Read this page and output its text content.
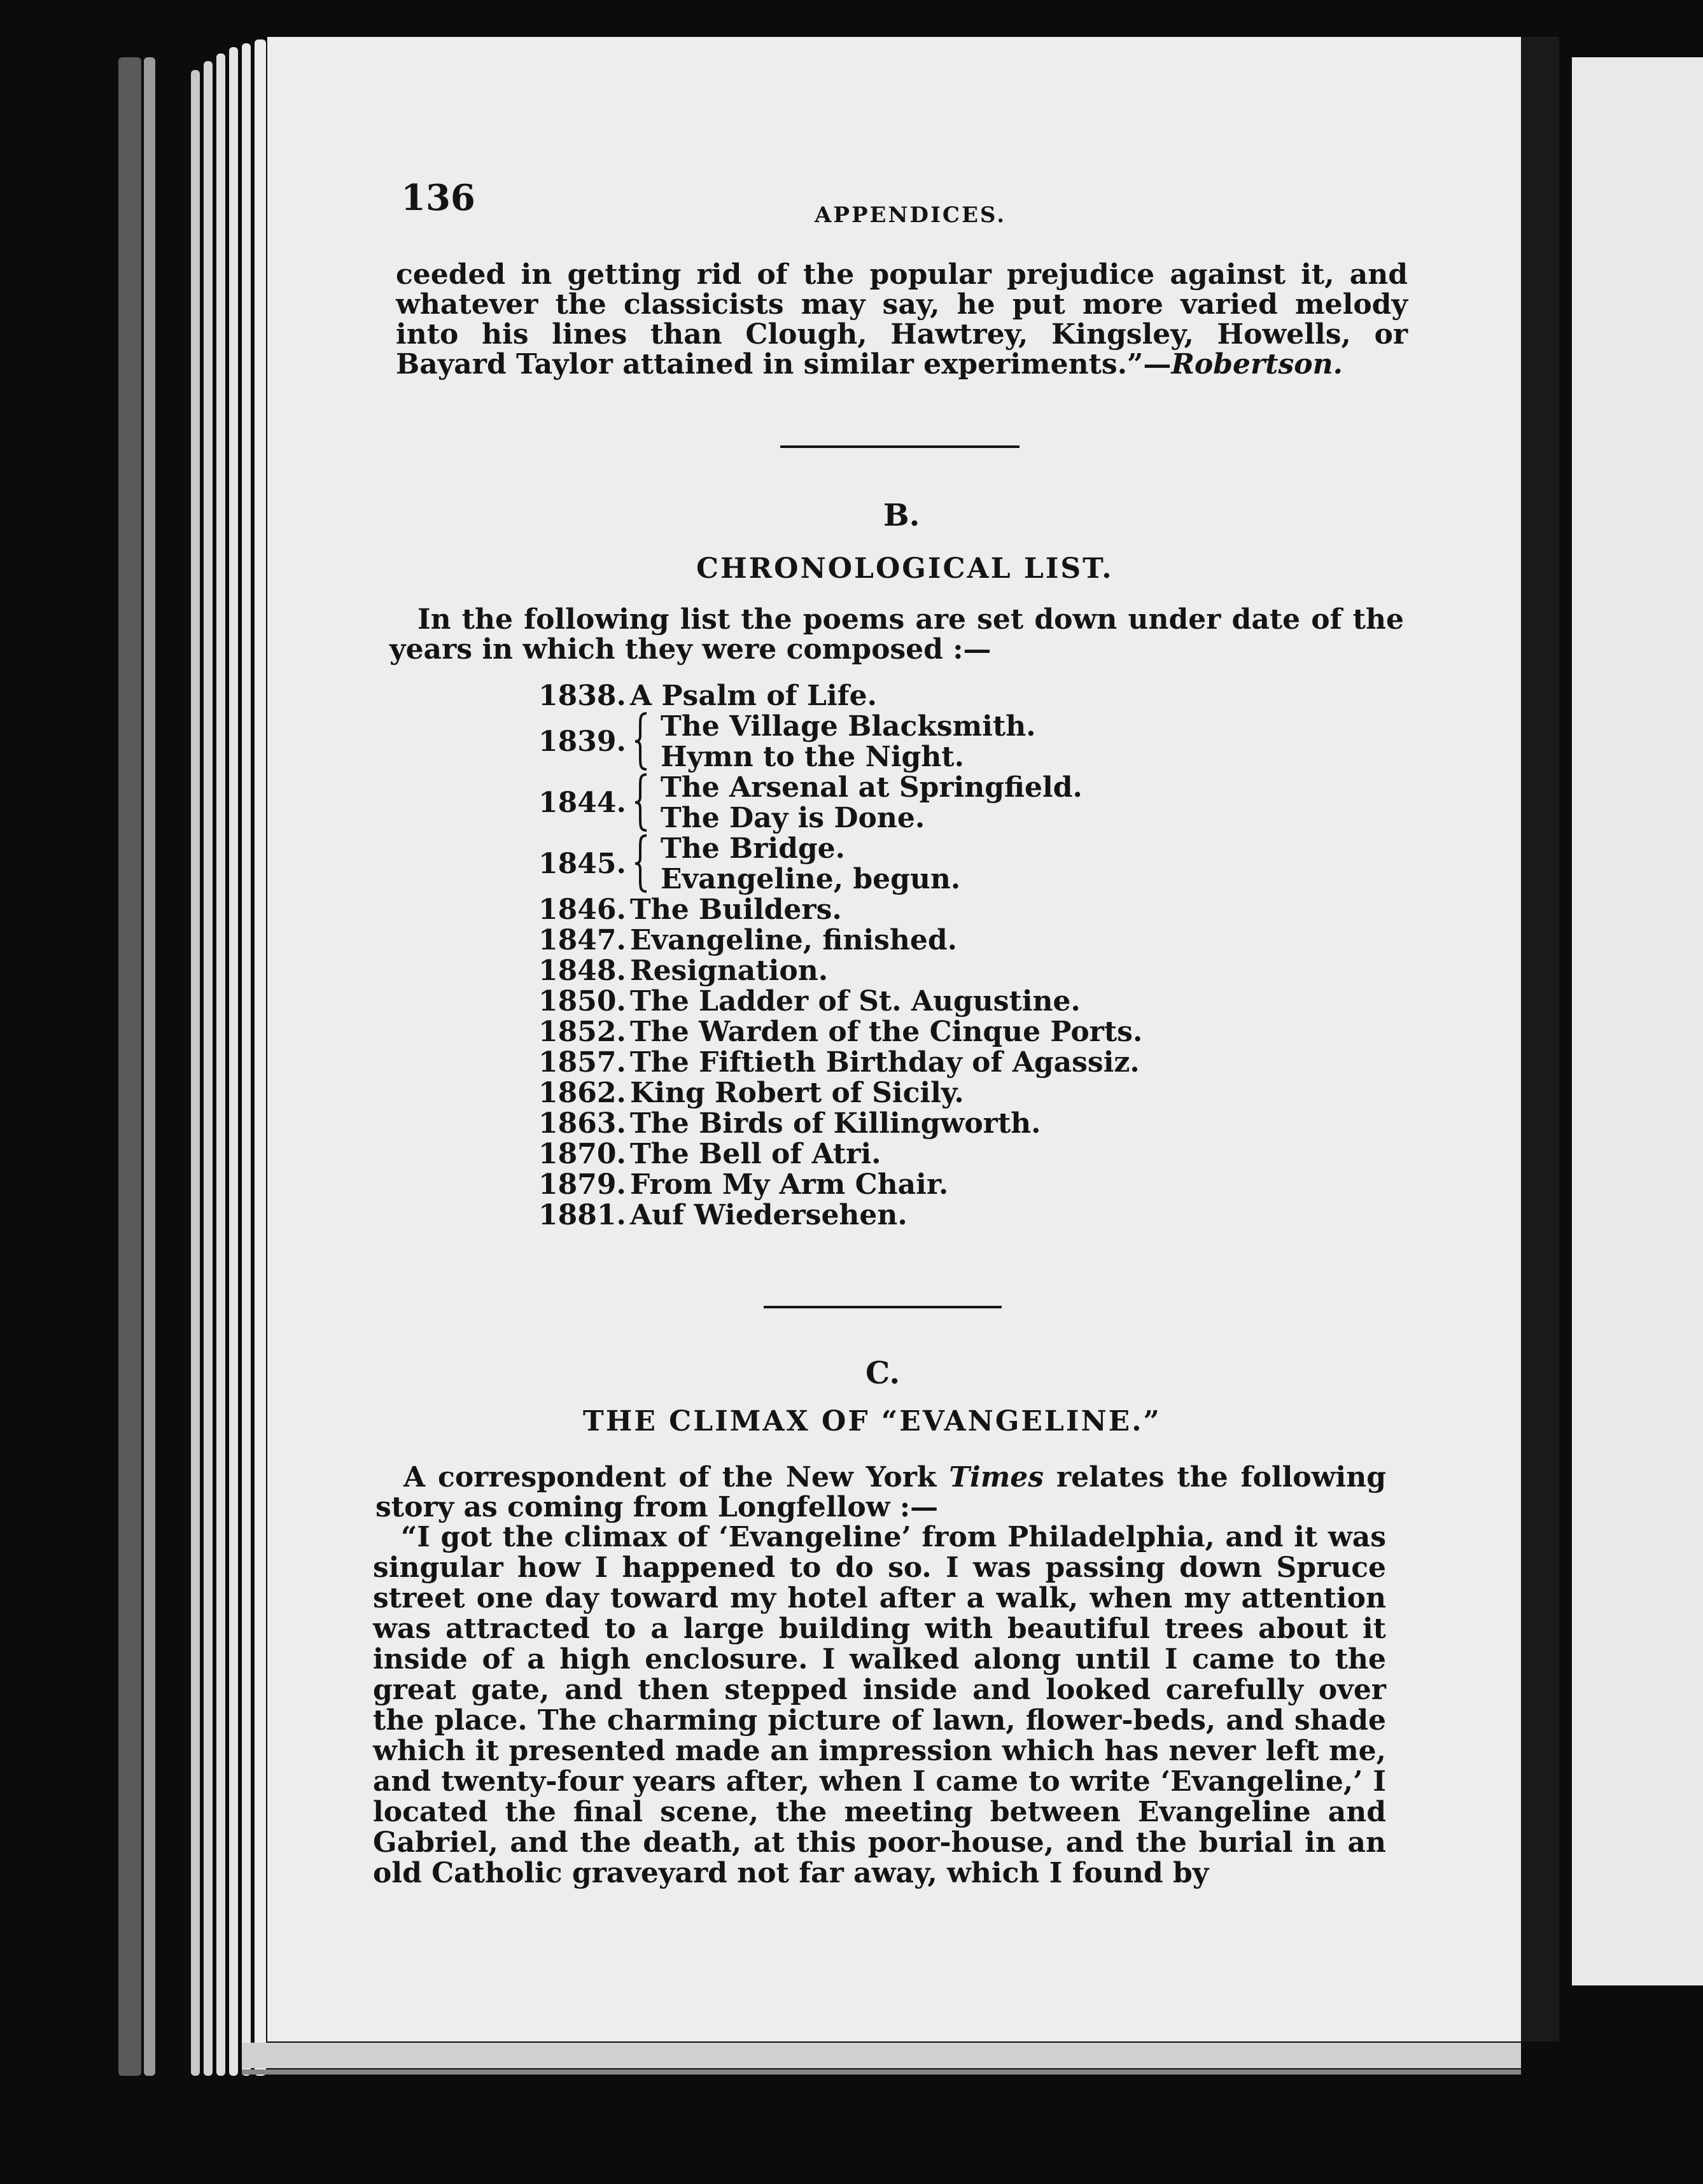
136	APPENDICES.

ceeded in getting rid of the popular prejudice against it, and whatever the classicists may say, he put more varied melody into his lines than Clough, Hawtrey, Kingsley, Howells, or Bayard Taylor attained in similar experiments.”—Robertson.

B.
CHRONOLOGICAL LIST.

In the following list the poems are set down under date of the years in which they were composed :—

1838. A Psalm of Life.
1839. The Village Blacksmith.
Hymn to the Night.
1844. The Arsenal at Springfield.
The Day is Done.
1845. The Bridge.
Evangeline, begun.
1846. The Builders.
1847. Evangeline, finished.
1848. Resignation.
1850. The Ladder of St. Augustine.
1852. The Warden of the Cinque Ports.
1857. The Fiftieth Birthday of Agassiz.
1862. King Robert of Sicily.
1863. The Birds of Killingworth.
1870. The Bell of Atri.
1879. From My Arm Chair.
1881. Auf Wiedersehen.
C.
THE CLIMAX OF “EVANGELINE.”

A correspondent of the New York Times relates the following story as coming from Longfellow :—

“I got the climax of ‘Evangeline’ from Philadelphia, and it was singular how I happened to do so. I was passing down Spruce street one day toward my hotel after a walk, when my attention was attracted to a large building with beautiful trees about it inside of a high enclosure. I walked along until I came to the great gate, and then stepped inside and looked carefully over the place. The charming picture of lawn, flower-beds, and shade which it presented made an impression which has never left me, and twenty-four years after, when I came to write ‘Evangeline,’ I located the final scene, the meeting between Evangeline and Gabriel, and the death, at this poor-house, and the burial in an old Catholic graveyard not far away, which I found by
